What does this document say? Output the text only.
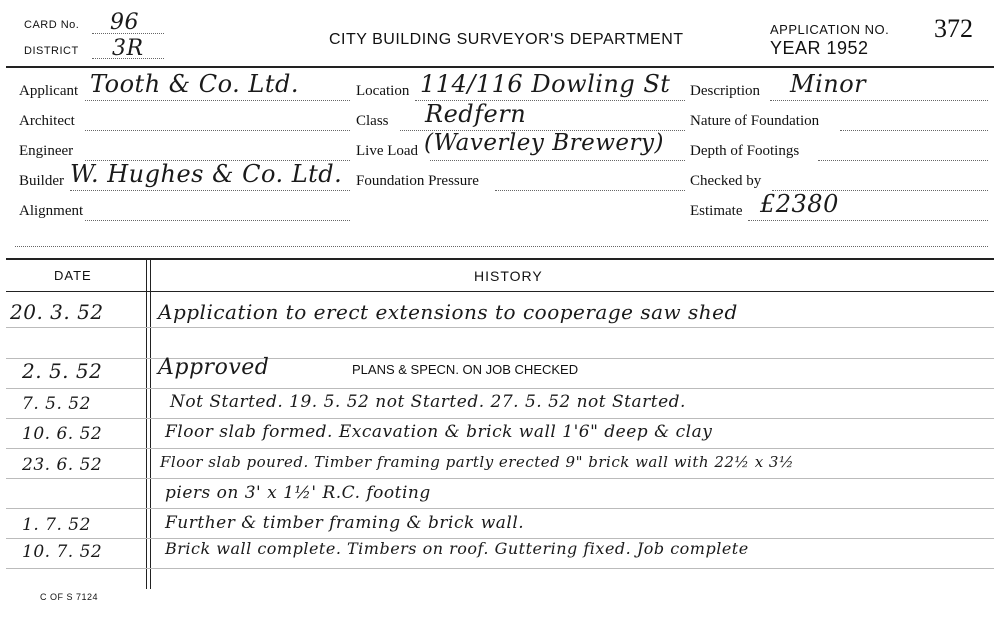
CARD No. 96
DISTRICT 3R	CITY BUILDING SURVEYOR'S DEPARTMENT
APPLICATION NO. 372
YEAR 1952
Applicant Tooth & Co. Ltd.
Architect
Engineer
Builder W. Hughes & Co. Ltd.
Alignment
Location 114/116 Dowling St
Class Redfern
Live Load (Waverley Brewery)
Foundation Pressure
Description Minor
Nature of Foundation
Depth of Footings
Checked by
Estimate £2380
DATE	HISTORY
20. 3. 52	Application to erect extensions to cooperage saw shed
2. 5. 52	Approved	PLANS & SPECN. ON JOB CHECKED
7. 5. 52	Not Started. 19. 5. 52 not Started. 27. 5. 52 not Started.
10. 6. 52	Floor slab formed. Excavation & brick wall 1'6" deep & clay
23. 6. 52	Floor slab poured. Timber framing partly erected 9" brick wall with 22½ x 3½
piers on 3' x 1½' R.C. footing
1. 7. 52	Further & timber framing & brick wall.
10. 7. 52	Brick wall complete. Timbers on roof. Guttering fixed. Job complete
C OF S 7124
